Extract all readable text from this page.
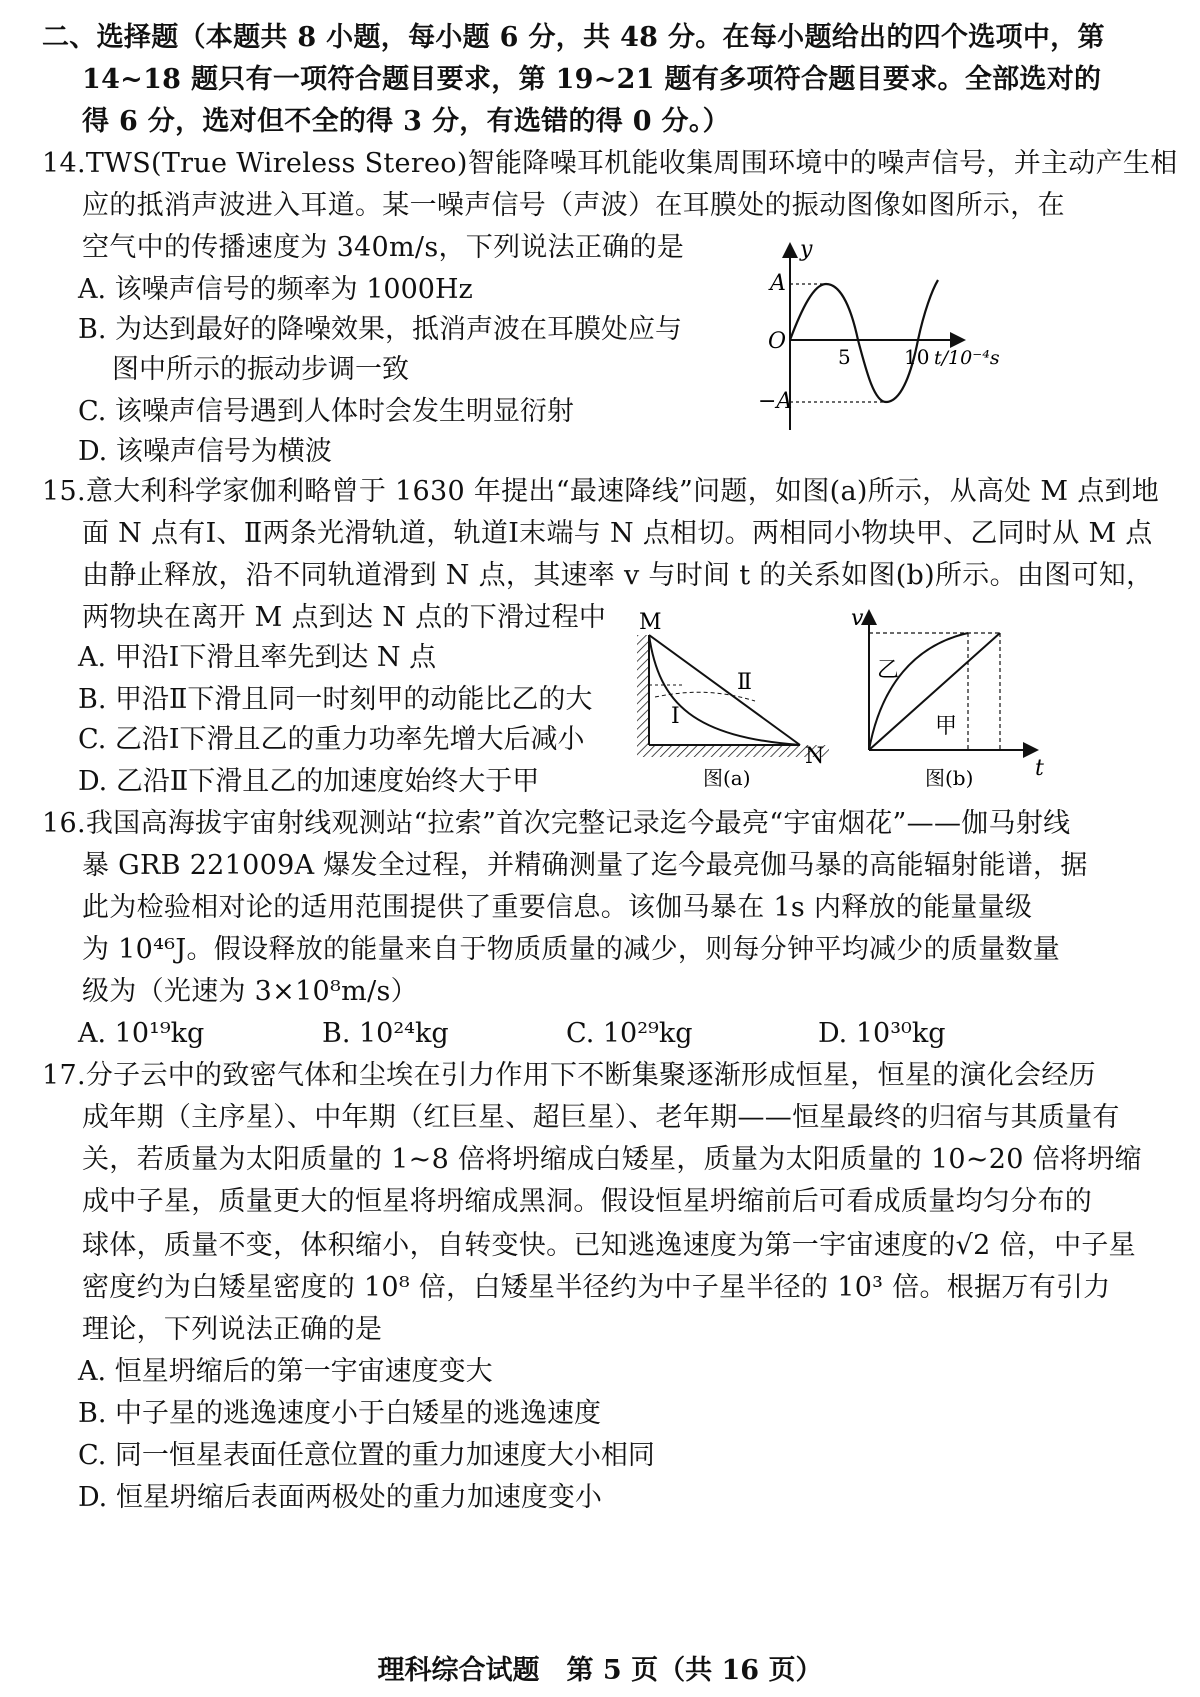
二、选择题（本题共 8 小题，每小题 6 分，共 48 分。在每小题给出的四个选项中，第
14~18 题只有一项符合题目要求，第 19~21 题有多项符合题目要求。全部选对的
得 6 分，选对但不全的得 3 分，有选错的得 0 分。）
14.TWS(True Wireless Stereo)智能降噪耳机能收集周围环境中的噪声信号，并主动产生相
应的抵消声波进入耳道。某一噪声信号（声波）在耳膜处的振动图像如图所示，在
空气中的传播速度为 340m/s，下列说法正确的是
A. 该噪声信号的频率为 1000Hz
B. 为达到最好的降噪效果，抵消声波在耳膜处应与
图中所示的振动步调一致
C. 该噪声信号遇到人体时会发生明显衍射
D. 该噪声信号为横波
y
A
−A
O
5	10 t/10⁻⁴s
15.意大利科学家伽利略曾于 1630 年提出“最速降线”问题，如图(a)所示，从高处 M 点到地
面 N 点有Ⅰ、Ⅱ两条光滑轨道，轨道Ⅰ末端与 N 点相切。两相同小物块甲、乙同时从 M 点
由静止释放，沿不同轨道滑到 N 点，其速率 v 与时间 t 的关系如图(b)所示。由图可知，
两物块在离开 M 点到达 N 点的下滑过程中
A. 甲沿Ⅰ下滑且率先到达 N 点
B. 甲沿Ⅱ下滑且同一时刻甲的动能比乙的大
C. 乙沿Ⅰ下滑且乙的重力功率先增大后减小
D. 乙沿Ⅱ下滑且乙的加速度始终大于甲
M
N
Ⅰ
Ⅱ
图(a)
v
t
乙
甲
图(b)
16.我国高海拔宇宙射线观测站“拉索”首次完整记录迄今最亮“宇宙烟花”——伽马射线
暴 GRB 221009A 爆发全过程，并精确测量了迄今最亮伽马暴的高能辐射能谱，据
此为检验相对论的适用范围提供了重要信息。该伽马暴在 1s 内释放的能量量级
为 10⁴⁶J。假设释放的能量来自于物质质量的减少，则每分钟平均减少的质量数量
级为（光速为 3×10⁸m/s）
A. 10¹⁹kg	B. 10²⁴kg	C. 10²⁹kg	D. 10³⁰kg
17.分子云中的致密气体和尘埃在引力作用下不断集聚逐渐形成恒星，恒星的演化会经历
成年期（主序星）、中年期（红巨星、超巨星）、老年期——恒星最终的归宿与其质量有
关，若质量为太阳质量的 1~8 倍将坍缩成白矮星，质量为太阳质量的 10~20 倍将坍缩
成中子星，质量更大的恒星将坍缩成黑洞。假设恒星坍缩前后可看成质量均匀分布的
球体，质量不变，体积缩小，自转变快。已知逃逸速度为第一宇宙速度的√2 倍，中子星
密度约为白矮星密度的 10⁸ 倍，白矮星半径约为中子星半径的 10³ 倍。根据万有引力
理论，下列说法正确的是
A. 恒星坍缩后的第一宇宙速度变大
B. 中子星的逃逸速度小于白矮星的逃逸速度
C. 同一恒星表面任意位置的重力加速度大小相同
D. 恒星坍缩后表面两极处的重力加速度变小
理科综合试题　第 5 页（共 16 页）
